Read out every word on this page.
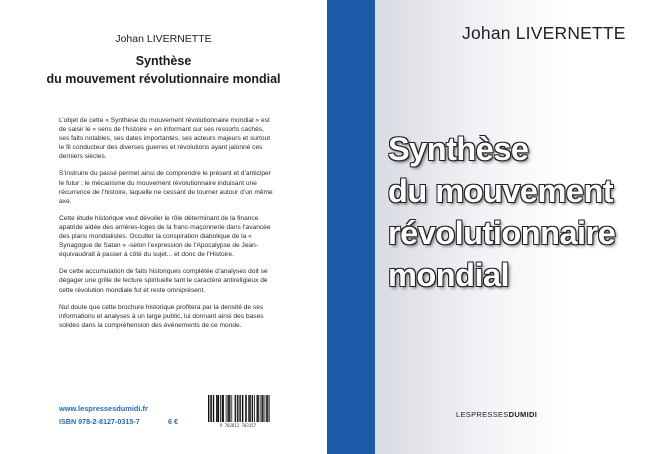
Johan LIVERNETTE
Synthèse
du mouvement révolutionnaire mondial

L’objet de cette « Synthèse du mouvement révolutionnaire mondial » est de saisir le « sens de l’histoire » en informant sur ses ressorts cachés, ses faits notables, ses dates importantes, ses acteurs majeurs et surtout le fil conducteur des diverses guerres et révolutions ayant jalonné ces derniers siècles.

S’instruire du passé permet ainsi de comprendre le présent et d’anticiper le futur ; le mécanisme du mouvement révolutionnaire induisant une récurrence de l’histoire, laquelle ne cessant de tourner autour d’un même axe.

Cette étude historique veut dévoiler le rôle déterminant de la finance apatride aidée des arrières-loges de la franc-maçonnerie dans l’avancée des plans mondialistes. Occulter la conspiration diabolique de la « Synagogue de Satan » -selon l’expression de l’Apocalypse de Jean- équivaudrait à passer à côté du sujet... et donc de l’Histoire.

De cette accumulation de faits historiques complétée d’analyses doit se dégager une grille de lecture spirituelle tant le caractère antireligieux de cette révolution mondiale fut et reste omniprésent.

Nul doute que cette brochure historique profitera par la densité de ses informations et analyses à un large public, lui donnant ainsi des bases solides dans la compréhension des événements de ce monde.

www.lespressesdumidi.fr
ISBN 978-2-8127-0315-7	6 €	9 782812 703157
Johan LIVERNETTE
Synthèse
du mouvement
révolutionnaire
mondial
LESPRESSESDUMIDI
